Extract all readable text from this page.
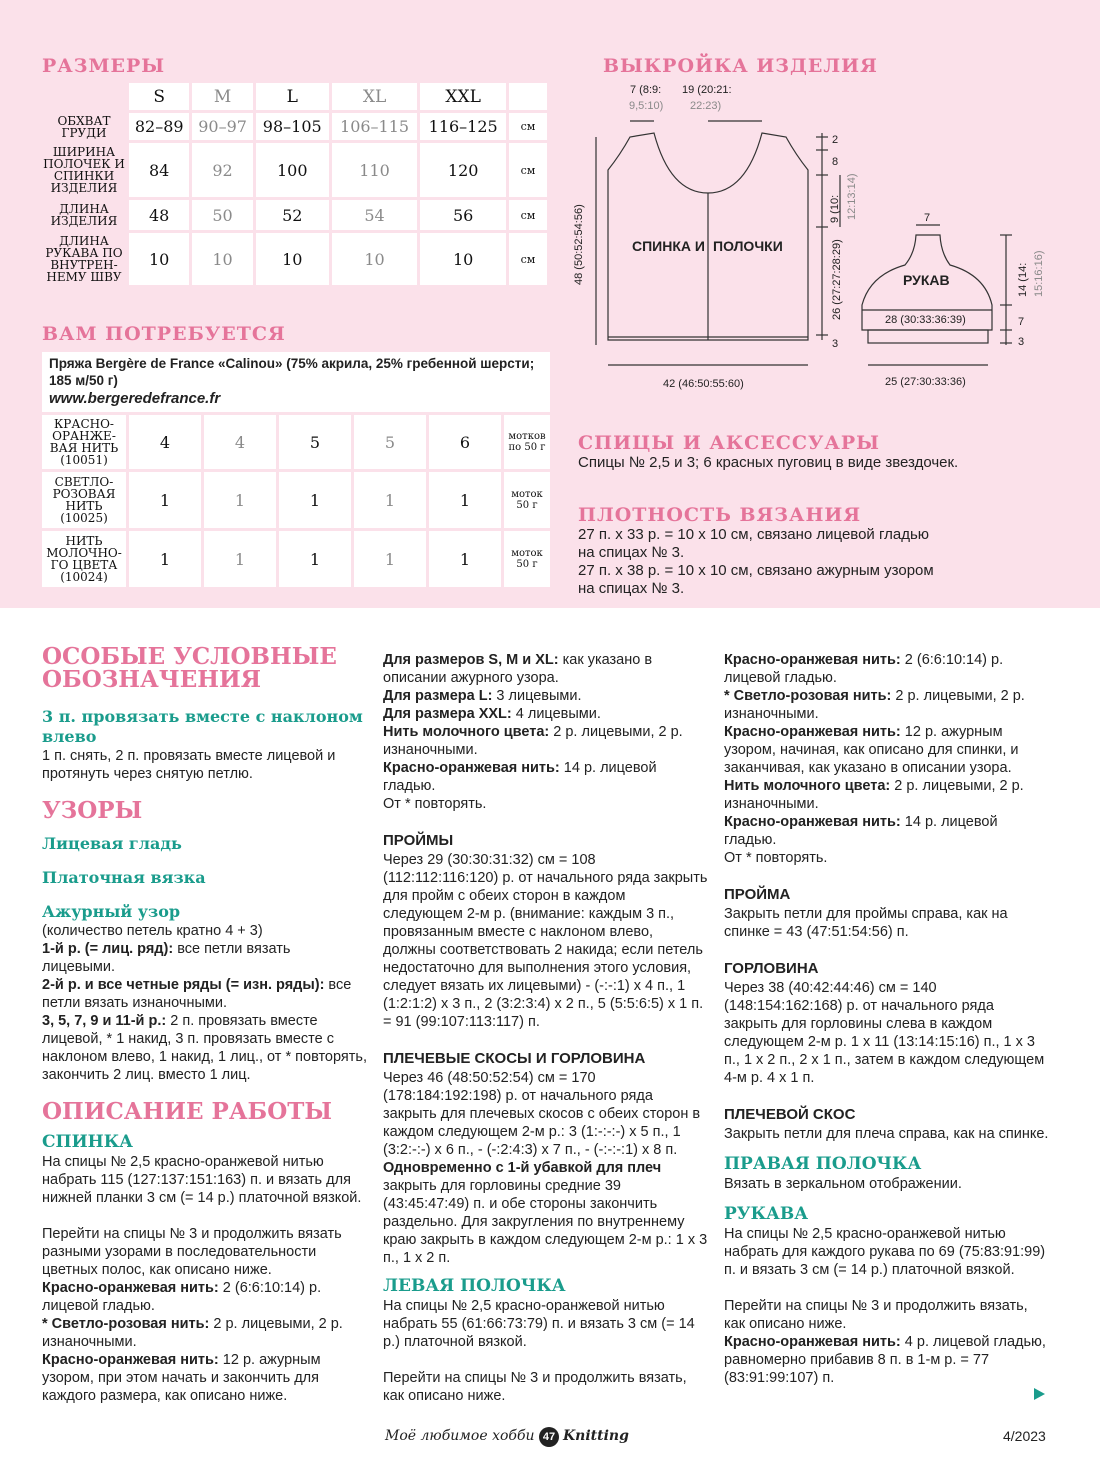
РАЗМЕРЫ
	S	M	L	XL	XXL	
ОБХВАТ ГРУДИ	82–89	90–97	98–105	106–115	116–125	см
ШИРИНА ПОЛОЧЕК И СПИНКИ ИЗДЕЛИЯ	84	92	100	110	120	см
ДЛИНА ИЗДЕЛИЯ	48	50	52	54	56	см
ДЛИНА РУКАВА ПО ВНУТРЕН-НЕМУ ШВУ	10	10	10	10	10	см
ВАМ ПОТРЕБУЕТСЯ

Пряжа Bergère de France «Calinou» (75% акрила, 25% гребенной шерсти; 185 м/50 г)

www.bergeredefrance.fr
КРАСНО-ОРАНЖЕ-ВАЯ НИТЬ
(10051)	4	4	5	5	6	мотков по 50 г
СВЕТЛО-РОЗОВАЯ НИТЬ
(10025)	1	1	1	1	1	моток 50 г
НИТЬ МОЛОЧНО-ГО ЦВЕТА
(10024)	1	1	1	1	1	моток 50 г
ВЫКРОЙКА ИЗДЕЛИЯ
СПИНКА И ПОЛОЧКИ
РУКАВ
7 (8:9:
9,5:10)
19 (20:21:
22:23)
2
8
9 (10: 12:13:14)
26 (27:27:28:29)
3
48 (50:52:54:56)
42 (46:50:55:60)
7
14 (14: 15:16:16)
28 (30:33:36:39)	7
3
25 (27:30:33:36)
СПИЦЫ И АКСЕССУАРЫ
Спицы № 2,5 и 3; 6 красных пуговиц в виде звездочек.
ПЛОТНОСТЬ ВЯЗАНИЯ
27 п. х 33 р. = 10 х 10 см, связано лицевой гладью
на спицах № 3.
27 п. х 38 р. = 10 х 10 см, связано ажурным узором
на спицах № 3.

ОСОБЫЕ УСЛОВНЫЕ ОБОЗНАЧЕНИЯ

3 п. провязать вместе с наклоном влево

1 п. снять, 2 п. провязать вместе лицевой и протянуть через снятую петлю.

УЗОРЫ

Лицевая гладь

Платочная вязка

Ажурный узор

(количество петель кратно 4 + 3)

1-й р. (= лиц. ряд): все петли вязать лицевыми.

2-й р. и все четные ряды (= изн. ряды): все петли вязать изнаночными.

3, 5, 7, 9 и 11-й р.: 2 п. провязать вместе лицевой, * 1 накид, 3 п. провязать вместе с наклоном влево, 1 накид, 1 лиц., от * повторять, закончить 2 лиц. вместо 1 лиц.

ОПИСАНИЕ РАБОТЫ

СПИНКА

На спицы № 2,5 красно-оранжевой нитью набрать 115 (127:137:151:163) п. и вязать для нижней планки 3 см (= 14 р.) платочной вязкой.

Перейти на спицы № 3 и продолжить вязать разными узорами в последовательности цветных полос, как описано ниже.

Красно-оранжевая нить: 2 (6:6:10:14) р. лицевой гладью.

* Светло-розовая нить: 2 р. лицевыми, 2 р. изнаночными.

Красно-оранжевая нить: 12 р. ажурным узором, при этом начать и закончить для каждого размера, как описано ниже.

Для размеров S, M и XL: как указано в описании ажурного узора.

Для размера L: 3 лицевыми.

Для размера XXL: 4 лицевыми.

Нить молочного цвета: 2 р. лицевыми, 2 р. изнаночными.

Красно-оранжевая нить: 14 р. лицевой гладью.

От * повторять.

ПРОЙМЫ

Через 29 (30:30:31:32) см = 108 (112:112:116:120) р. от начального ряда закрыть для пройм с обеих сторон в каждом следующем 2-м р. (внимание: каждым 3 п., провязанным вместе с наклоном влево, должны соответствовать 2 накида; если петель недостаточно для выполнения этого условия, следует вязать их лицевыми) - (-:-:1) х 4 п., 1 (1:2:1:2) х 3 п., 2 (3:2:3:4) х 2 п., 5 (5:5:6:5) х 1 п. = 91 (99:107:113:117) п.

ПЛЕЧЕВЫЕ СКОСЫ И ГОРЛОВИНА

Через 46 (48:50:52:54) см = 170 (178:184:192:198) р. от начального ряда закрыть для плечевых скосов с обеих сторон в каждом следующем 2-м р.: 3 (1:-:-:-) х 5 п., 1 (3:2:-:-) х 6 п., - (-:2:4:3) х 7 п., - (-:-:-:1) х 8 п.

Одновременно с 1-й убавкой для плеч закрыть для горловины средние 39 (43:45:47:49) п. и обе стороны закончить раздельно. Для закругления по внутреннему краю закрыть в каждом следующем 2-м р.: 1 х 3 п., 1 х 2 п.

ЛЕВАЯ ПОЛОЧКА

На спицы № 2,5 красно-оранжевой нитью набрать 55 (61:66:73:79) п. и вязать 3 см (= 14 р.) платочной вязкой.

Перейти на спицы № 3 и продолжить вязать, как описано ниже.

Красно-оранжевая нить: 2 (6:6:10:14) р. лицевой гладью.

* Светло-розовая нить: 2 р. лицевыми, 2 р. изнаночными.

Красно-оранжевая нить: 12 р. ажурным узором, начиная, как описано для спинки, и заканчивая, как указано в описании узора.

Нить молочного цвета: 2 р. лицевыми, 2 р. изнаночными.

Красно-оранжевая нить: 14 р. лицевой гладью.

От * повторять.

ПРОЙМА

Закрыть петли для проймы справа, как на спинке = 43 (47:51:54:56) п.

ГОРЛОВИНА

Через 38 (40:42:44:46) см = 140 (148:154:162:168) р. от начального ряда закрыть для горловины слева в каждом следующем 2-м р. 1 х 11 (13:14:15:16) п., 1 х 3 п., 1 х 2 п., 2 х 1 п., затем в каждом следующем 4-м р. 4 х 1 п.

ПЛЕЧЕВОЙ СКОС

Закрыть петли для плеча справа, как на спинке.

ПРАВАЯ ПОЛОЧКА

Вязать в зеркальном отображении.

РУКАВА

На спицы № 2,5 красно-оранжевой нитью набрать для каждого рукава по 69 (75:83:91:99) п. и вязать 3 см (= 14 р.) платочной вязкой.

Перейти на спицы № 3 и продолжить вязать, как описано ниже.

Красно-оранжевая нить: 4 р. лицевой гладью, равномерно прибавив 8 п. в 1-м р. = 77 (83:91:99:107) п.

Моё любимое хобби 47 Knitting	4/2023
